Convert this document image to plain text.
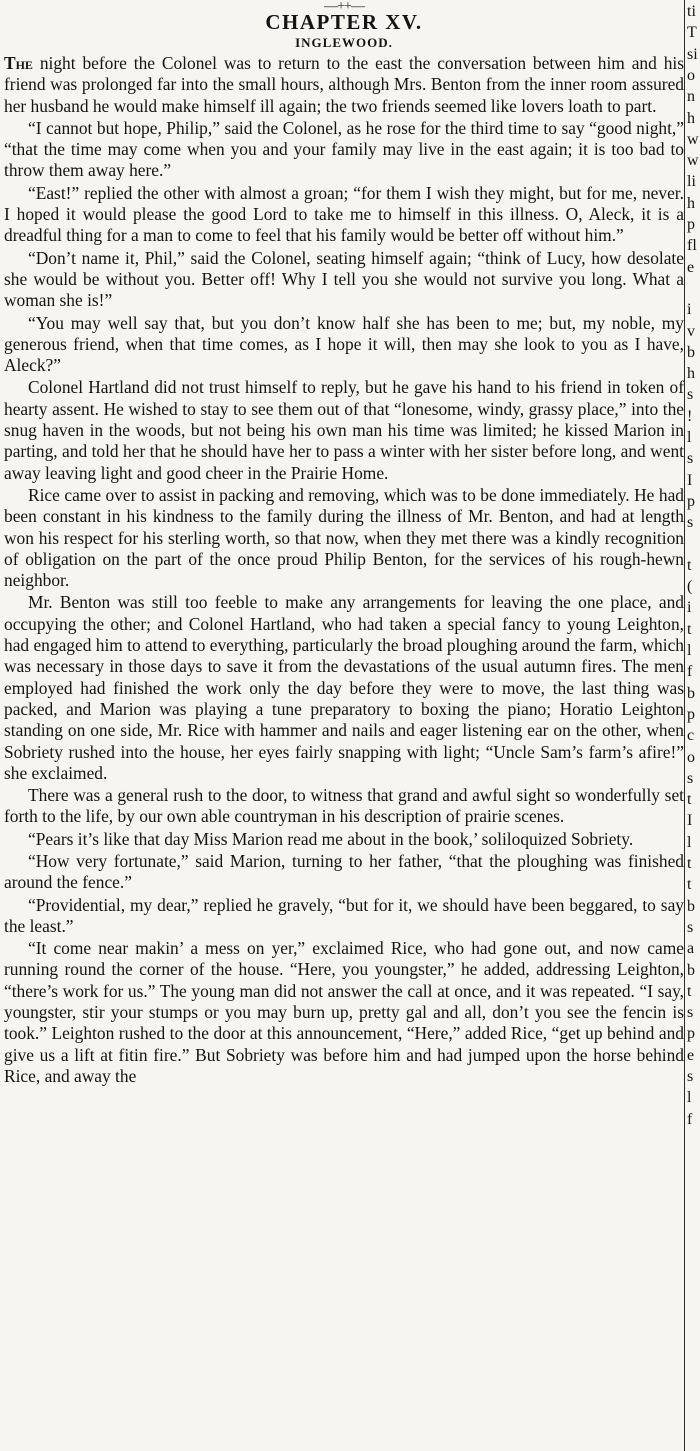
—++—
CHAPTER XV.
INGLEWOOD.

The night before the Colonel was to return to the east the conversation between him and his friend was prolonged far into the small hours, although Mrs. Benton from the inner room assured her husband he would make himself ill again; the two friends seemed like lovers loath to part.

“I cannot but hope, Philip,” said the Colonel, as he rose for the third time to say “good night,” “that the time may come when you and your family may live in the east again; it is too bad to throw them away here.”

“East!” replied the other with almost a groan; “for them I wish they might, but for me, never. I hoped it would please the good Lord to take me to himself in this illness. O, Aleck, it is a dreadful thing for a man to come to feel that his family would be better off without him.”

“Don’t name it, Phil,” said the Colonel, seating himself again; “think of Lucy, how desolate she would be without you. Better off! Why I tell you she would not survive you long. What a woman she is!”

“You may well say that, but you don’t know half she has been to me; but, my noble, my generous friend, when that time comes, as I hope it will, then may she look to you as I have, Aleck?”

Colonel Hartland did not trust himself to reply, but he gave his hand to his friend in token of hearty assent. He wished to stay to see them out of that “lonesome, windy, grassy place,” into the snug haven in the woods, but not being his own man his time was limited; he kissed Marion in parting, and told her that he should have her to pass a winter with her sister before long, and went away leaving light and good cheer in the Prairie Home.

Rice came over to assist in packing and removing, which was to be done immediately. He had been constant in his kindness to the family during the illness of Mr. Benton, and had at length won his respect for his sterling worth, so that now, when they met there was a kindly recognition of obligation on the part of the once proud Philip Benton, for the services of his rough-hewn neighbor.

Mr. Benton was still too feeble to make any arrangements for leaving the one place, and occupying the other; and Colonel Hartland, who had taken a special fancy to young Leighton, had engaged him to attend to everything, particularly the broad ploughing around the farm, which was necessary in those days to save it from the devastations of the usual autumn fires. The men employed had finished the work only the day before they were to move, the last thing was packed, and Marion was playing a tune preparatory to boxing the piano; Horatio Leighton standing on one side, Mr. Rice with hammer and nails and eager listening ear on the other, when Sobriety rushed into the house, her eyes fairly snapping with light; “Uncle Sam’s farm’s afire!” she exclaimed.

There was a general rush to the door, to witness that grand and awful sight so wonderfully set forth to the life, by our own able countryman in his description of prairie scenes.

“Pears it’s like that day Miss Marion read me about in the book,’ soliloquized Sobriety.

“How very fortunate,” said Marion, turning to her father, “that the ploughing was finished around the fence.”

“Providential, my dear,” replied he gravely, “but for it, we should have been beggared, to say the least.”

“It come near makin’ a mess on yer,” exclaimed Rice, who had gone out, and now came running round the corner of the house. “Here, you youngster,” he added, addressing Leighton, “there’s work for us.” The young man did not answer the call at once, and it was repeated. “I say, youngster, stir your stumps or you may burn up, pretty gal and all, don’t you see the fencin is took.” Leighton rushed to the door at this announcement, “Here,” added Rice, “get up behind and give us a lift at fitin fire.” But Sobriety was before him and had jumped upon the horse behind Rice, and away the

ti
T
si
o
n
h
w
w
li
h
p
fl
e
i
v
b
h
s
!
l
s
I
p
s
t
(
i
t
l
f
b
p
c
o
s
t
I
l
t
t
b
s
a
b
t
s
p
e
s
l
f
